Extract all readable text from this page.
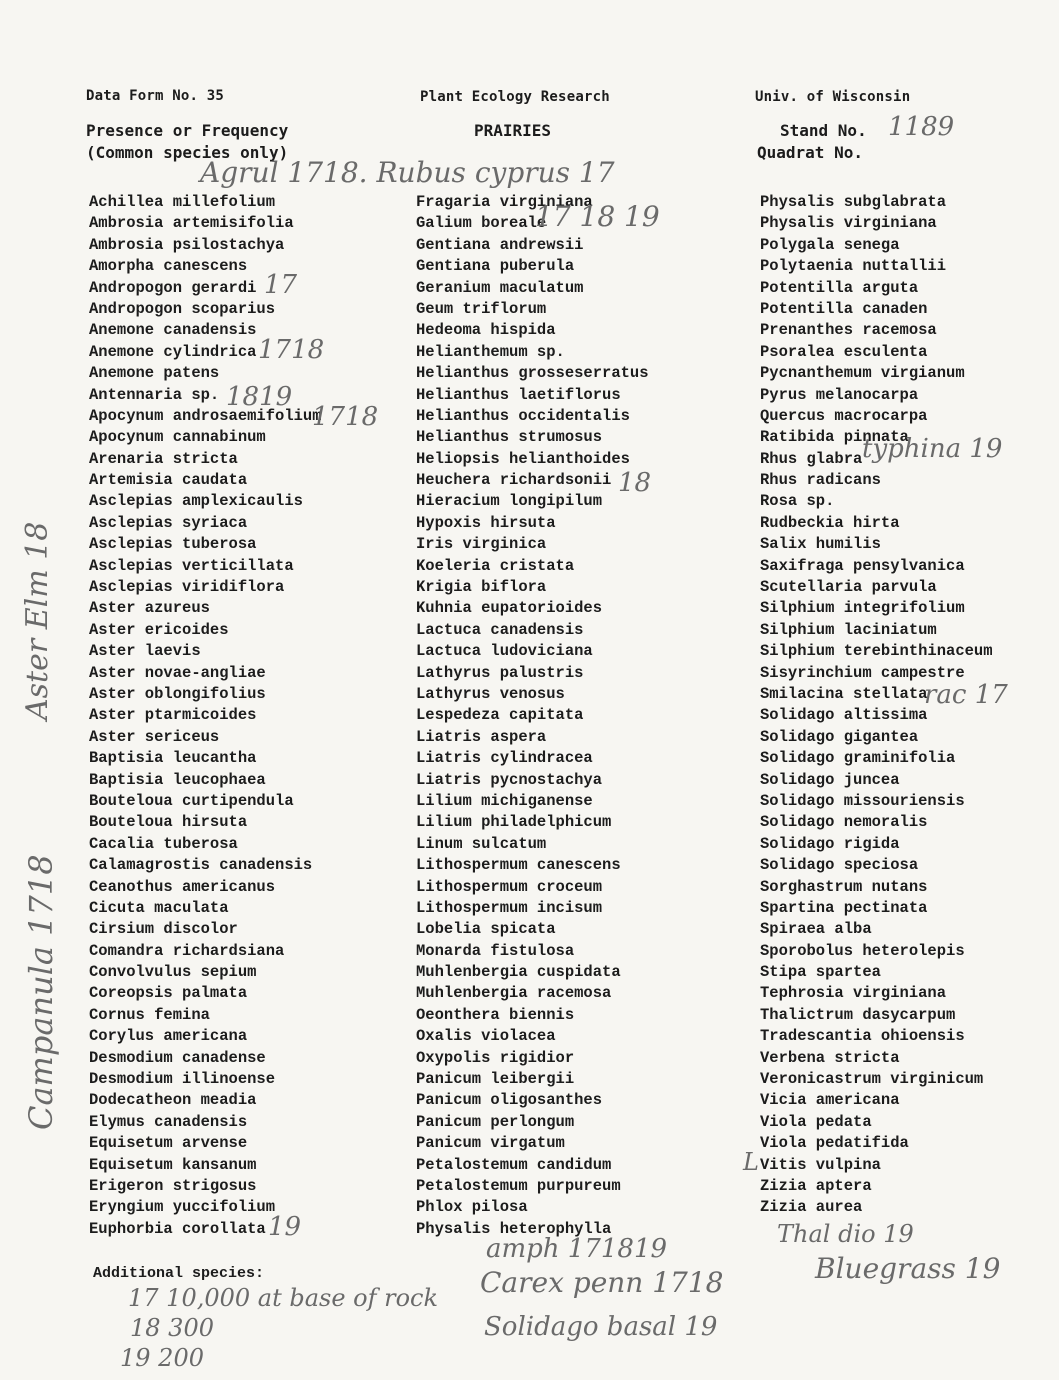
Data Form No. 35	Plant Ecology Research	Univ. of Wisconsin
Presence or Frequency
(Common species only)
PRAIRIES	Stand No. 1189
Quadrat No.
Agrul 1718. Rubus cyprus 17
Achillea millefolium
Ambrosia artemisifolia
Ambrosia psilostachya
Amorpha canescens
Andropogon gerardi
Andropogon scoparius
Anemone canadensis
Anemone cylindrica
Anemone patens
Antennaria sp.
Apocynum androsaemifolium
Apocynum cannabinum
Arenaria stricta
Artemisia caudata
Asclepias amplexicaulis
Asclepias syriaca
Asclepias tuberosa
Asclepias verticillata
Asclepias viridiflora
Aster azureus
Aster ericoides
Aster laevis
Aster novae-angliae
Aster oblongifolius
Aster ptarmicoides
Aster sericeus
Baptisia leucantha
Baptisia leucophaea
Bouteloua curtipendula
Bouteloua hirsuta
Cacalia tuberosa
Calamagrostis canadensis
Ceanothus americanus
Cicuta maculata
Cirsium discolor
Comandra richardsiana
Convolvulus sepium
Coreopsis palmata
Cornus femina
Corylus americana
Desmodium canadense
Desmodium illinoense
Dodecatheon meadia
Elymus canadensis
Equisetum arvense
Equisetum kansanum
Erigeron strigosus
Eryngium yuccifolium
Euphorbia corollata
Fragaria virginiana
Galium boreale
Gentiana andrewsii
Gentiana puberula
Geranium maculatum
Geum triflorum
Hedeoma hispida
Helianthemum sp.
Helianthus grosseserratus
Helianthus laetiflorus
Helianthus occidentalis
Helianthus strumosus
Heliopsis helianthoides
Heuchera richardsonii
Hieracium longipilum
Hypoxis hirsuta
Iris virginica
Koeleria cristata
Krigia biflora
Kuhnia eupatorioides
Lactuca canadensis
Lactuca ludoviciana
Lathyrus palustris
Lathyrus venosus
Lespedeza capitata
Liatris aspera
Liatris cylindracea
Liatris pycnostachya
Lilium michiganense
Lilium philadelphicum
Linum sulcatum
Lithospermum canescens
Lithospermum croceum
Lithospermum incisum
Lobelia spicata
Monarda fistulosa
Muhlenbergia cuspidata
Muhlenbergia racemosa
Oeonthera biennis
Oxalis violacea
Oxypolis rigidior
Panicum leibergii
Panicum oligosanthes
Panicum perlongum
Panicum virgatum
Petalostemum candidum
Petalostemum purpureum
Phlox pilosa
Physalis heterophylla
Physalis subglabrata
Physalis virginiana
Polygala senega
Polytaenia nuttallii
Potentilla arguta
Potentilla canaden
Prenanthes racemosa
Psoralea esculenta
Pycnanthemum virgianum
Pyrus melanocarpa
Quercus macrocarpa
Ratibida pinnata
Rhus glabra
Rhus radicans
Rosa sp.
Rudbeckia hirta
Salix humilis
Saxifraga pensylvanica
Scutellaria parvula
Silphium integrifolium
Silphium laciniatum
Silphium terebinthinaceum
Sisyrinchium campestre
Smilacina stellata
Solidago altissima
Solidago gigantea
Solidago graminifolia
Solidago juncea
Solidago missouriensis
Solidago nemoralis
Solidago rigida
Solidago speciosa
Sorghastrum nutans
Spartina pectinata
Spiraea alba
Sporobolus heterolepis
Stipa spartea
Tephrosia virginiana
Thalictrum dasycarpum
Tradescantia ohioensis
Verbena stricta
Veronicastrum virginicum
Vicia americana
Viola pedata
Viola pedatifida
Vitis vulpina
Zizia aptera
Zizia aurea
17 18 19
17
1718
1819
1718
18
typhina 19
rac 17
19
L
Aster Elm 18
Campanula 1718
amph 171819	Thal dio 19
Bluegrass 19
Carex penn 1718
Solidago basal 19
Additional species:
17 10,000 at base of rock
18 300
19 200
